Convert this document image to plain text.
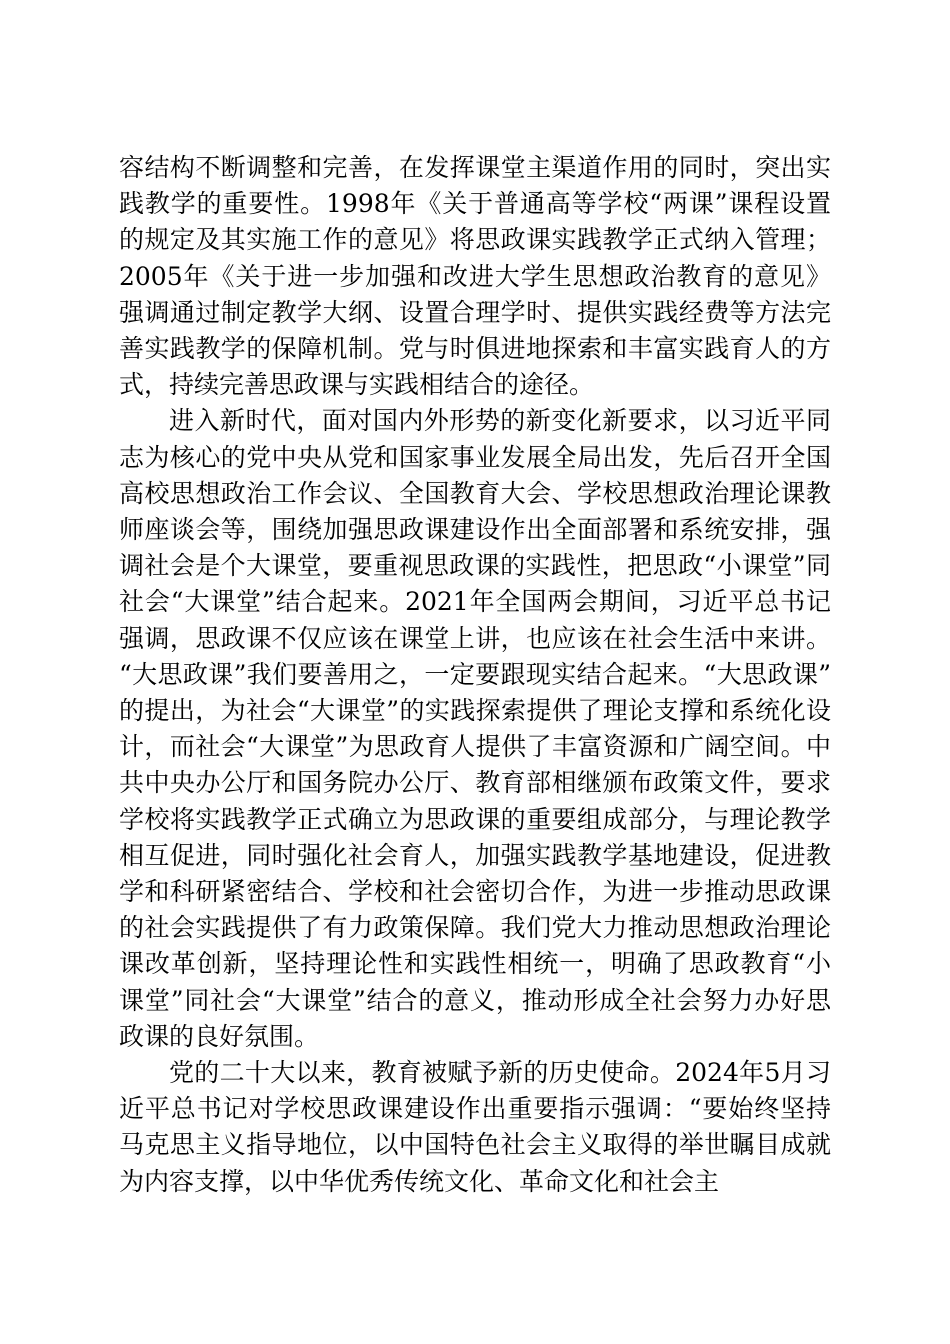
容结构不断调整和完善，在发挥课堂主渠道作用的同时，突出实践教学的重要性。1998年《关于普通高等学校“两课”课程设置的规定及其实施工作的意见》将思政课实践教学正式纳入管理；2005年《关于进一步加强和改进大学生思想政治教育的意见》强调通过制定教学大纲、设置合理学时、提供实践经费等方法完善实践教学的保障机制。党与时俱进地探索和丰富实践育人的方式，持续完善思政课与实践相结合的途径。

进入新时代，面对国内外形势的新变化新要求，以习近平同志为核心的党中央从党和国家事业发展全局出发，先后召开全国高校思想政治工作会议、全国教育大会、学校思想政治理论课教师座谈会等，围绕加强思政课建设作出全面部署和系统安排，强调社会是个大课堂，要重视思政课的实践性，把思政“小课堂”同社会“大课堂”结合起来。2021年全国两会期间，习近平总书记强调，思政课不仅应该在课堂上讲，也应该在社会生活中来讲。“大思政课”我们要善用之，一定要跟现实结合起来。“大思政课”的提出，为社会“大课堂”的实践探索提供了理论支撑和系统化设计，而社会“大课堂”为思政育人提供了丰富资源和广阔空间。中共中央办公厅和国务院办公厅、教育部相继颁布政策文件，要求学校将实践教学正式确立为思政课的重要组成部分，与理论教学相互促进，同时强化社会育人，加强实践教学基地建设，促进教学和科研紧密结合、学校和社会密切合作，为进一步推动思政课的社会实践提供了有力政策保障。我们党大力推动思想政治理论课改革创新，坚持理论性和实践性相统一，明确了思政教育“小课堂”同社会“大课堂”结合的意义，推动形成全社会努力办好思政课的良好氛围。

党的二十大以来，教育被赋予新的历史使命。2024年5月习近平总书记对学校思政课建设作出重要指示强调：“要始终坚持马克思主义指导地位，以中国特色社会主义取得的举世瞩目成就为内容支撑，以中华优秀传统文化、革命文化和社会主
